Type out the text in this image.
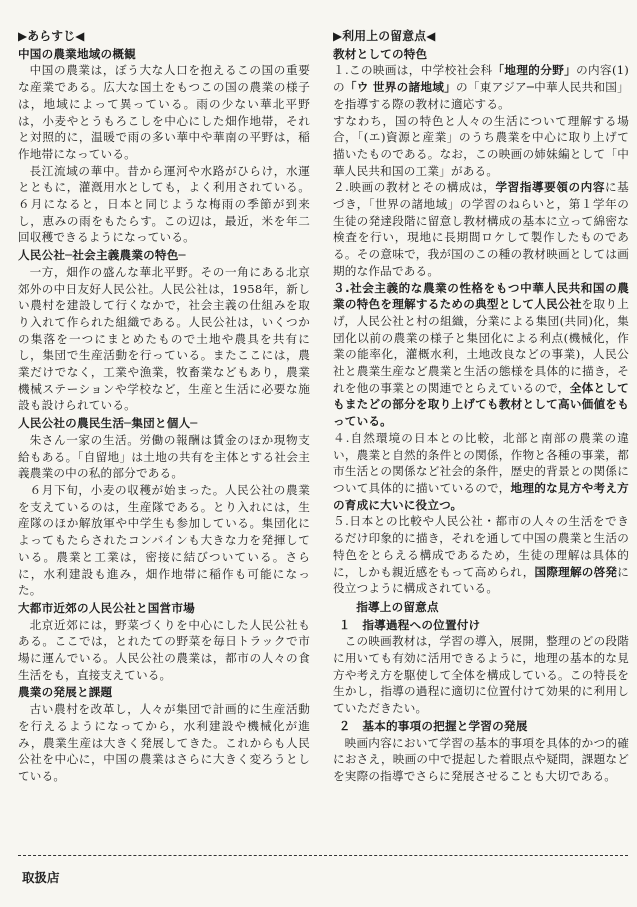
▶あらすじ◀
中国の農業地域の概観

中国の農業は，ぼう大な人口を抱えるこの国の重要な産業である。広大な国土をもつこの国の農業の様子は，地域によって異っている。雨の少ない華北平野は，小麦やとうもろこしを中心にした畑作地帯，それと対照的に，温暖で雨の多い華中や華南の平野は，稲作地帯になっている。

長江流域の華中。昔から運河や水路がひらけ，水運とともに，灌漑用水としても，よく利用されている。６月になると，日本と同じような梅雨の季節が到来し，恵みの雨をもたらす。この辺は，最近，米を年二回収穫できるようになっている。

人民公社─社会主義農業の特色─

一方，畑作の盛んな華北平野。その一角にある北京郊外の中日友好人民公社。人民公社は，1958年，新しい農村を建設して行くなかで，社会主義の仕組みを取り入れて作られた組織である。人民公社は，いくつかの集落を一つにまとめたもので土地や農具を共有にし，集団で生産活動を行っている。またここには，農業だけでなく，工業や漁業，牧畜業などもあり，農業機械ステーションや学校など，生産と生活に必要な施設も設けられている。

人民公社の農民生活─集団と個人─

朱さん一家の生活。労働の報酬は賃金のほか現物支給もある。「自留地」は土地の共有を主体とする社会主義農業の中の私的部分である。

６月下旬，小麦の収穫が始まった。人民公社の農業を支えているのは，生産隊である。とり入れには，生産隊のほか解放軍や中学生も参加している。集団化によってもたらされたコンバインも大きな力を発揮している。農業と工業は，密接に結びついている。さらに，水利建設も進み，畑作地帯に稲作も可能になった。

大都市近郊の人民公社と国営市場

北京近郊には，野菜づくりを中心にした人民公社もある。ここでは，とれたての野菜を毎日トラックで市場に運んでいる。人民公社の農業は，都市の人々の食生活をも，直接支えている。

農業の発展と課題

古い農村を改革し，人々が集団で計画的に生産活動を行えるようになってから，水利建設や機械化が進み，農業生産は大きく発展してきた。これからも人民公社を中心に，中国の農業はさらに大きく変ろうとしている。

▶利用上の留意点◀
教材としての特色

１.この映画は，中学校社会科「地理的分野」の内容(1)の「ウ 世界の諸地域」の「東アジア─中華人民共和国」を指導する際の教材に適応する。

すなわち，国の特色と人々の生活について理解する場合，「(エ)資源と産業」のうち農業を中心に取り上げて描いたものである。なお，この映画の姉妹編として「中華人民共和国の工業」がある。

２.映画の教材とその構成は，学習指導要領の内容に基づき，「世界の諸地域」の学習のねらいと，第１学年の生徒の発達段階に留意し教材構成の基本に立って綿密な検査を行い，現地に長期間ロケして製作したものである。その意味で，我が国のこの種の教材映画としては画期的な作品である。

３.社会主義的な農業の性格をもつ中華人民共和国の農業の特色を理解するための典型として人民公社を取り上げ，人民公社と村の組織，分業による集団(共同)化，集団化以前の農業の様子と集団化による利点(機械化，作業の能率化，灌概水利，土地改良などの事業)，人民公社と農業生産など農業と生活の態様を具体的に描き，それを他の事業との関連でとらえているので，全体としてもまたどの部分を取り上げても教材として高い価値をもっている。

４.自然環境の日本との比較，北部と南部の農業の違い，農業と自然的条件との関係，作物と各種の事業，都市生活との関係など社会的条件，歴史的背景との関係について具体的に描いているので，地理的な見方や考え方の育成に大いに役立つ。

５.日本との比較や人民公社・都市の人々の生活をできるだけ印象的に描き，それを通して中国の農業と生活の特色をとらえる構成であるため，生徒の理解は具体的に，しかも親近感をもって高められ，国際理解の啓発に役立つように構成されている。

指導上の留意点
１　指導過程への位置付け

この映画教材は，学習の導入，展開，整理のどの段階に用いても有効に活用できるように，地理の基本的な見方や考え方を駆使して全体を構成している。この特長を生かし，指導の過程に適切に位置付けて効果的に利用していただきたい。

２　基本的事項の把握と学習の発展

映画内容において学習の基本的事項を具体的かつ的確におさえ，映画の中で提起した着眼点や疑問，課題などを実際の指導でさらに発展させることも大切である。

取扱店
